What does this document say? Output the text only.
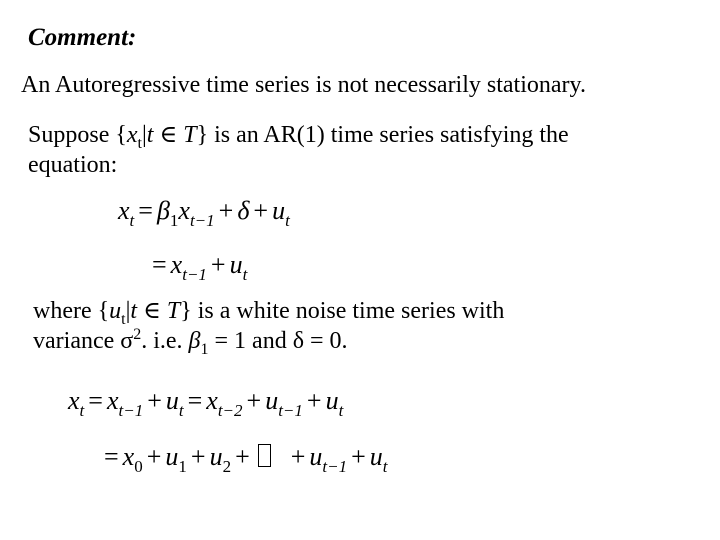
Comment:
An Autoregressive time series is not necessarily stationary.
Suppose {$x_t|t$ ∈ T} is an AR(1) time series satisfying the
equation:
$x_t = \beta_1x_{t-1} + \delta + u_t$
= $x_{t-1} + u_t$
where {$u_t|t$ ∈ T} is a white noise time series with
variance $\sigma^2$. i.e. $\beta_1 = 1$ and δ = 0.
$x_t = x_{t-1} + u_t = x_{t-2} + u_{t-1} + u_t$
= $x_0 + u_1 + u_2$ + + $u_{t-1} + u_t$
